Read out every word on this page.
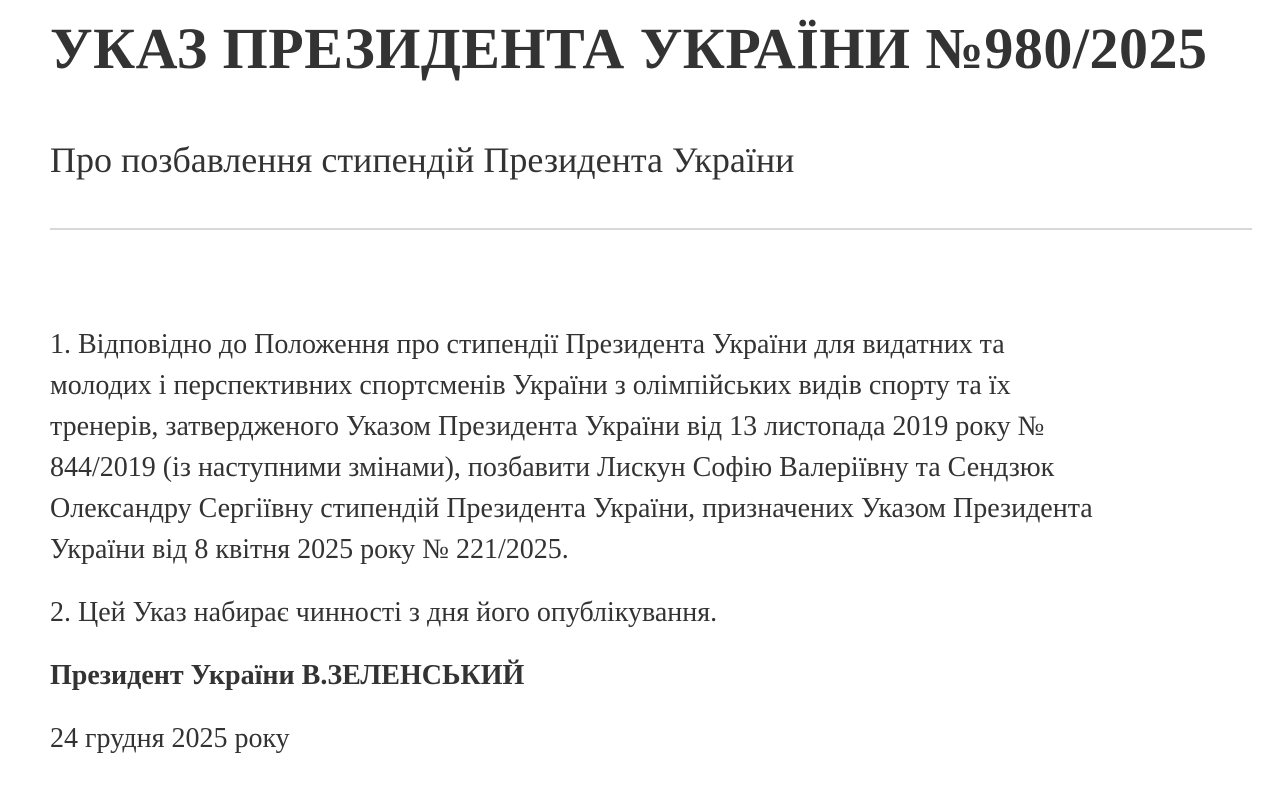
УКАЗ ПРЕЗИДЕНТА УКРАЇНИ №980/2025
Про позбавлення стипендій Президента України

1. Відповідно до Положення про стипендії Президента України для видатних та
молодих і перспективних спортсменів України з олімпійських видів спорту та їх
тренерів, затвердженого Указом Президента України від 13 листопада 2019 року №
844/2019 (із наступними змінами), позбавити Лискун Софію Валеріївну та Сендзюк
Олександру Сергіївну стипендій Президента України, призначених Указом Президента
України від 8 квітня 2025 року № 221/2025.

2. Цей Указ набирає чинності з дня його опублікування.

Президент України В.ЗЕЛЕНСЬКИЙ

24 грудня 2025 року
